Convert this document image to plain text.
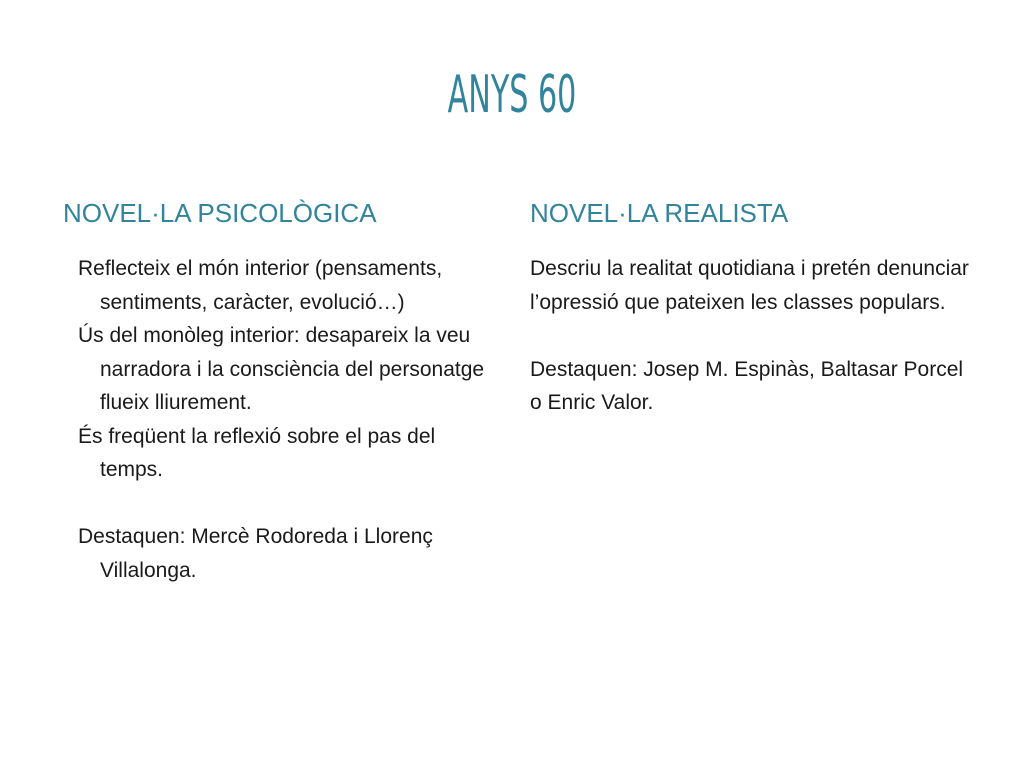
ANYS 60
NOVEL·LA PSICOLÒGICA

Reflecteix el món interior (pensaments, sentiments, caràcter, evolució…)

Ús del monòleg interior: desapareix la veu narradora i la consciència del personatge flueix lliurement.

És freqüent la reflexió sobre el pas del temps.

Destaquen: Mercè Rodoreda i Llorenç Villalonga.

NOVEL·LA REALISTA

Descriu la realitat quotidiana i pretén denunciar l’opressió que pateixen les classes populars.

Destaquen: Josep M. Espinàs, Baltasar Porcel o Enric Valor.
